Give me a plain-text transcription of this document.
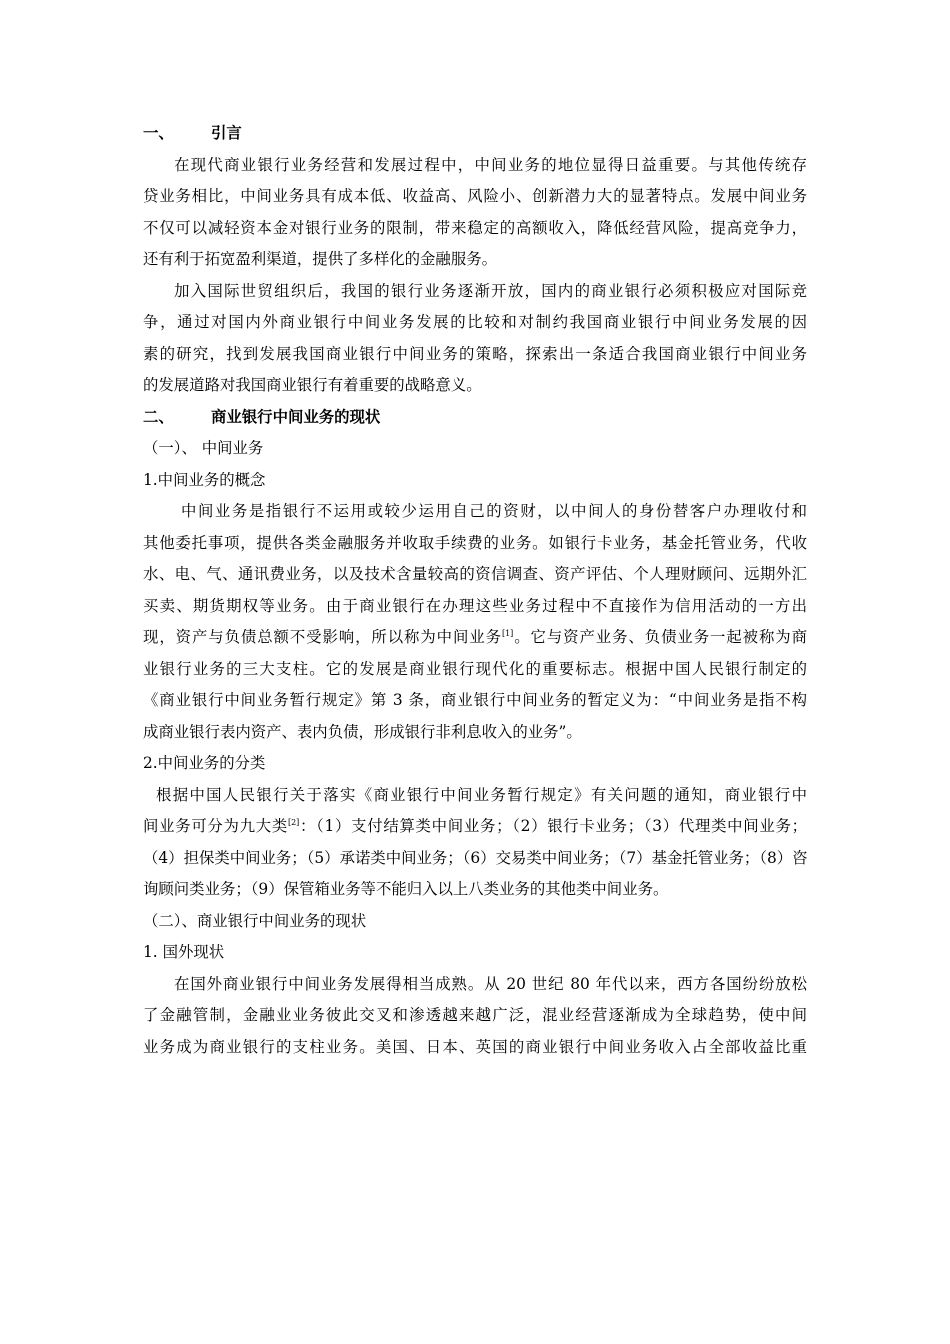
一、	引言
在现代商业银行业务经营和发展过程中，中间业务的地位显得日益重要。与其他传统存
贷业务相比，中间业务具有成本低、收益高、风险小、创新潜力大的显著特点。发展中间业务
不仅可以减轻资本金对银行业务的限制，带来稳定的高额收入，降低经营风险，提高竞争力，
还有利于拓宽盈利渠道，提供了多样化的金融服务。
加入国际世贸组织后，我国的银行业务逐渐开放，国内的商业银行必须积极应对国际竞
争，通过对国内外商业银行中间业务发展的比较和对制约我国商业银行中间业务发展的因
素的研究，找到发展我国商业银行中间业务的策略，探索出一条适合我国商业银行中间业务
的发展道路对我国商业银行有着重要的战略意义。
二、	商业银行中间业务的现状
（一）、 中间业务
1.中间业务的概念
中间业务是指银行不运用或较少运用自己的资财，以中间人的身份替客户办理收付和
其他委托事项，提供各类金融服务并收取手续费的业务。如银行卡业务，基金托管业务，代收
水、电、气、通讯费业务，以及技术含量较高的资信调查、资产评估、个人理财顾问、远期外汇
买卖、期货期权等业务。由于商业银行在办理这些业务过程中不直接作为信用活动的一方出
现，资产与负债总额不受影响，所以称为中间业务[1]。它与资产业务、负债业务一起被称为商
业银行业务的三大支柱。它的发展是商业银行现代化的重要标志。根据中国人民银行制定的
《商业银行中间业务暂行规定》第 3 条，商业银行中间业务的暂定义为：“中间业务是指不构
成商业银行表内资产、表内负债，形成银行非利息收入的业务”。
2.中间业务的分类
根据中国人民银行关于落实《商业银行中间业务暂行规定》有关问题的通知，商业银行中
间业务可分为九大类[2]：（1）支付结算类中间业务；（2）银行卡业务；（3）代理类中间业务；
（4）担保类中间业务；（5）承诺类中间业务；（6）交易类中间业务；（7）基金托管业务；（8）咨
询顾问类业务；（9）保管箱业务等不能归入以上八类业务的其他类中间业务。
（二）、商业银行中间业务的现状
1. 国外现状
在国外商业银行中间业务发展得相当成熟。从 20 世纪 80 年代以来，西方各国纷纷放松
了金融管制，金融业业务彼此交叉和渗透越来越广泛，混业经营逐渐成为全球趋势，使中间
业务成为商业银行的支柱业务。美国、日本、英国的商业银行中间业务收入占全部收益比重
